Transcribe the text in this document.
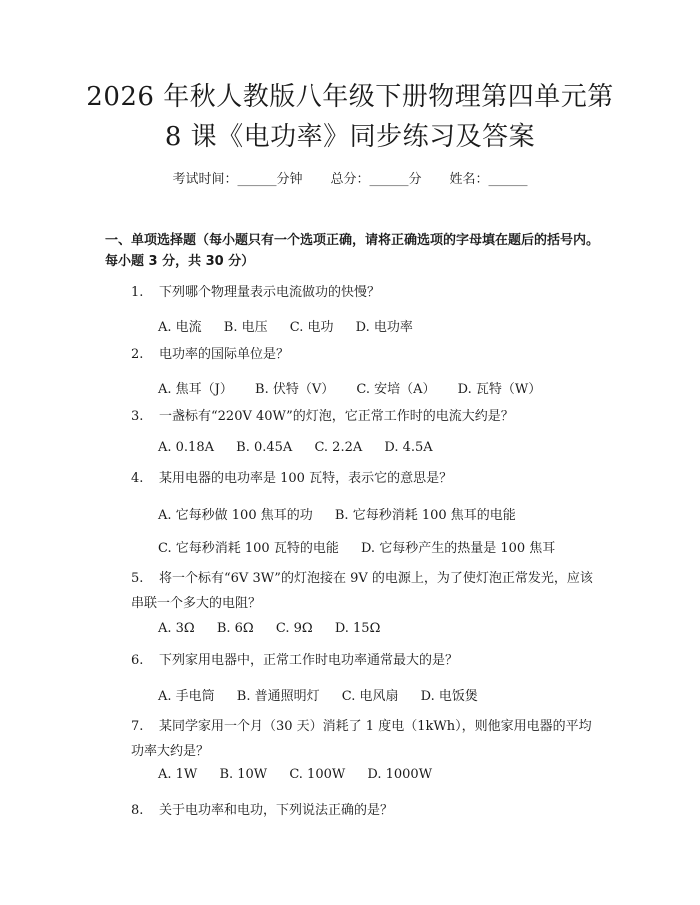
2026 年秋人教版八年级下册物理第四单元第
8 课《电功率》同步练习及答案
考试时间：______分钟 总分：______分 姓名：______
一、单项选择题（每小题只有一个选项正确，请将正确选项的字母填在题后的括号内。每小题 3 分，共 30 分）
1. 下列哪个物理量表示电流做功的快慢？
A. 电流 B. 电压 C. 电功 D. 电功率
2. 电功率的国际单位是？
A. 焦耳（J） B. 伏特（V） C. 安培（A） D. 瓦特（W）
3. 一盏标有“220V 40W”的灯泡，它正常工作时的电流大约是？
A. 0.18A B. 0.45A C. 2.2A D. 4.5A
4. 某用电器的电功率是 100 瓦特，表示它的意思是？
A. 它每秒做 100 焦耳的功 B. 它每秒消耗 100 焦耳的电能
C. 它每秒消耗 100 瓦特的电能 D. 它每秒产生的热量是 100 焦耳
5. 将一个标有“6V 3W”的灯泡接在 9V 的电源上，为了使灯泡正常发光，应该串联一个多大的电阻？
A. 3Ω B. 6Ω C. 9Ω D. 15Ω
6. 下列家用电器中，正常工作时电功率通常最大的是？
A. 手电筒 B. 普通照明灯 C. 电风扇 D. 电饭煲
7. 某同学家用一个月（30 天）消耗了 1 度电（1kWh），则他家用电器的平均功率大约是？
A. 1W B. 10W C. 100W D. 1000W
8. 关于电功率和电功，下列说法正确的是？
